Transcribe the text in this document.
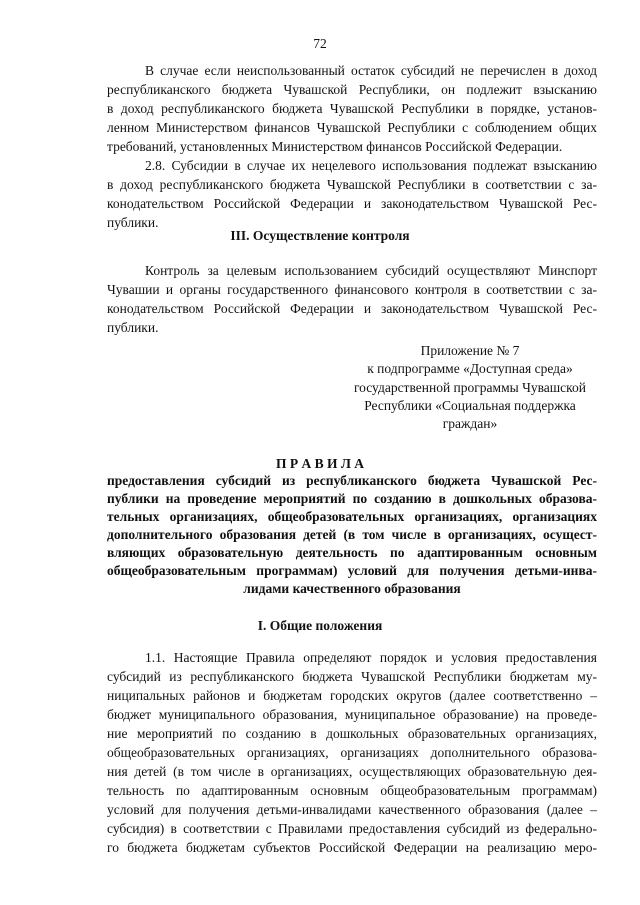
72
В случае если неиспользованный остаток субсидий не перечислен в доход
республиканского бюджета Чувашской Республики, он подлежит взысканию
в доход республиканского бюджета Чувашской Республики в порядке, установ-
ленном Министерством финансов Чувашской Республики с соблюдением общих
требований, установленных Министерством финансов Российской Федерации.
2.8. Субсидии в случае их нецелевого использования подлежат взысканию
в доход республиканского бюджета Чувашской Республики в соответствии с за-
конодательством Российской Федерации и законодательством Чувашской Рес-
публики.
III. Осуществление контроля
Контроль за целевым использованием субсидий осуществляют Минспорт
Чувашии и органы государственного финансового контроля в соответствии с за-
конодательством Российской Федерации и законодательством Чувашской Рес-
публики.
Приложение № 7
к подпрограмме «Доступная среда»
государственной программы Чувашской
Республики «Социальная поддержка
граждан»
П Р А В И Л А
предоставления субсидий из республиканского бюджета Чувашской Рес-
публики на проведение мероприятий по созданию в дошкольных образова-
тельных организациях, общеобразовательных организациях, организациях
дополнительного образования детей (в том числе в организациях, осущест-
вляющих образовательную деятельность по адаптированным основным
общеобразовательным программам) условий для получения детьми-инва-
лидами качественного образования
I. Общие положения
1.1. Настоящие Правила определяют порядок и условия предоставления
субсидий из республиканского бюджета Чувашской Республики бюджетам му-
ниципальных районов и бюджетам городских округов (далее соответственно –
бюджет муниципального образования, муниципальное образование) на проведе-
ние мероприятий по созданию в дошкольных образовательных организациях,
общеобразовательных организациях, организациях дополнительного образова-
ния детей (в том числе в организациях, осуществляющих образовательную дея-
тельность по адаптированным основным общеобразовательным программам)
условий для получения детьми-инвалидами качественного образования (далее –
субсидия) в соответствии с Правилами предоставления субсидий из федерально-
го бюджета бюджетам субъектов Российской Федерации на реализацию меро-
